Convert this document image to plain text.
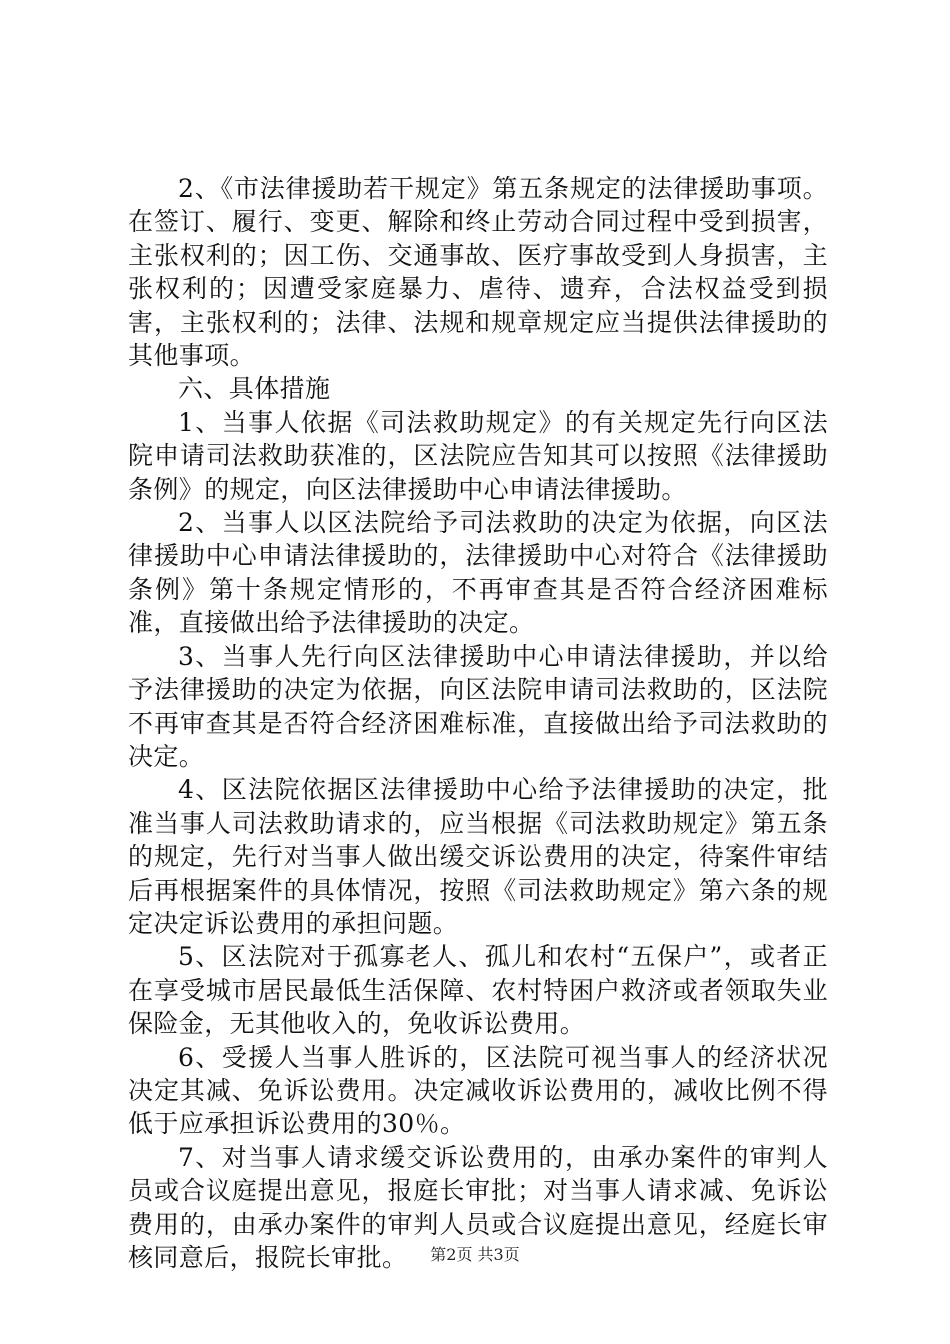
2、《市法律援助若干规定》第五条规定的法律援助事项。在签订、履行、变更、解除和终止劳动合同过程中受到损害，主张权利的；因工伤、交通事故、医疗事故受到人身损害，主张权利的；因遭受家庭暴力、虐待、遗弃，合法权益受到损害，主张权利的；法律、法规和规章规定应当提供法律援助的其他事项。

六、具体措施

1、当事人依据《司法救助规定》的有关规定先行向区法院申请司法救助获准的，区法院应告知其可以按照《法律援助条例》的规定，向区法律援助中心申请法律援助。

2、当事人以区法院给予司法救助的决定为依据，向区法律援助中心申请法律援助的，法律援助中心对符合《法律援助条例》第十条规定情形的，不再审查其是否符合经济困难标准，直接做出给予法律援助的决定。

3、当事人先行向区法律援助中心申请法律援助，并以给予法律援助的决定为依据，向区法院申请司法救助的，区法院不再审查其是否符合经济困难标准，直接做出给予司法救助的决定。

4、区法院依据区法律援助中心给予法律援助的决定，批准当事人司法救助请求的，应当根据《司法救助规定》第五条的规定，先行对当事人做出缓交诉讼费用的决定，待案件审结后再根据案件的具体情况，按照《司法救助规定》第六条的规定决定诉讼费用的承担问题。

5、区法院对于孤寡老人、孤儿和农村“五保户”，或者正在享受城市居民最低生活保障、农村特困户救济或者领取失业保险金，无其他收入的，免收诉讼费用。

6、受援人当事人胜诉的，区法院可视当事人的经济状况决定其减、免诉讼费用。决定减收诉讼费用的，减收比例不得低于应承担诉讼费用的30％。

7、对当事人请求缓交诉讼费用的，由承办案件的审判人员或合议庭提出意见，报庭长审批；对当事人请求减、免诉讼费用的，由承办案件的审判人员或合议庭提出意见，经庭长审核同意后，报院长审批。	第2页 共3页
